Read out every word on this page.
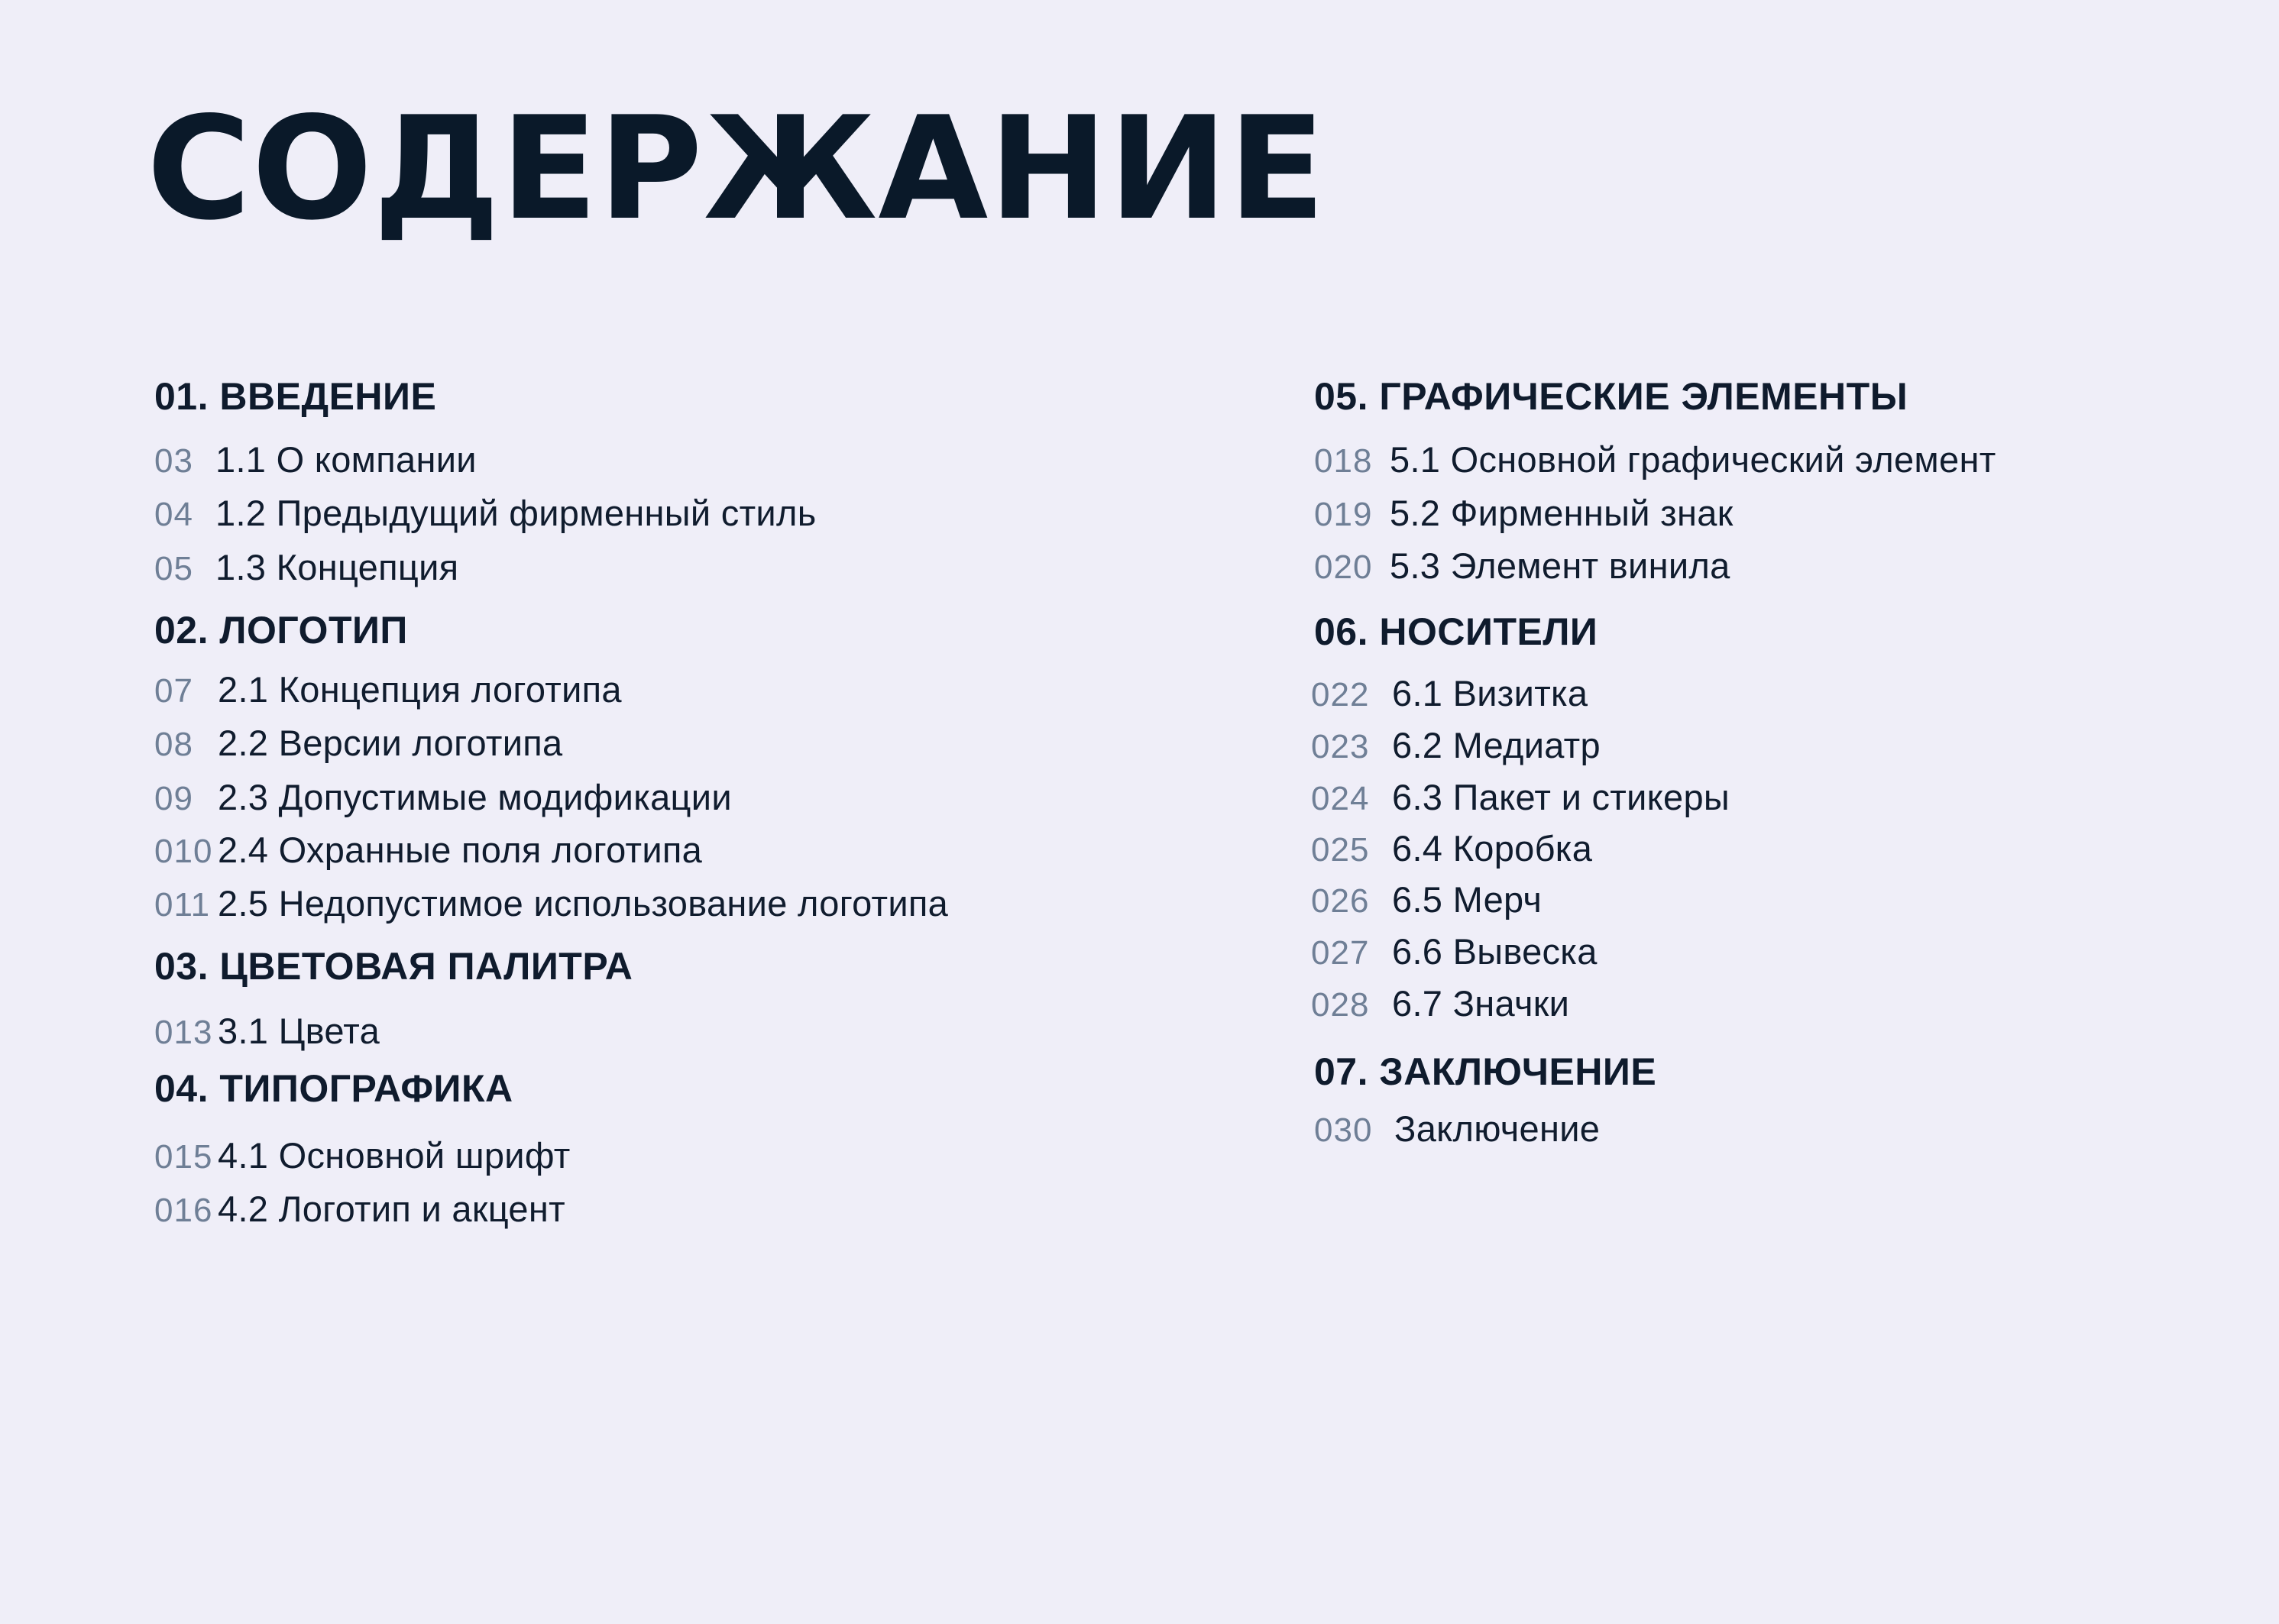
СОДЕРЖАНИЕ
01. ВВЕДЕНИЕ
03 1.1 О компании
04 1.2 Предыдущий фирменный стиль
05 1.3 Концепция
02. ЛОГОТИП
07 2.1 Концепция логотипа
08 2.2 Версии логотипа
09 2.3 Допустимые модификации
010 2.4 Охранные поля логотипа
011 2.5 Недопустимое использование логотипа
03. ЦВЕТОВАЯ ПАЛИТРА
013 3.1 Цвета
04. ТИПОГРАФИКА
015 4.1 Основной шрифт
016 4.2 Логотип и акцент
05. ГРАФИЧЕСКИЕ ЭЛЕМЕНТЫ
018 5.1 Основной графический элемент
019 5.2 Фирменный знак
020 5.3 Элемент винила
06. НОСИТЕЛИ
022 6.1 Визитка
023 6.2 Медиатр
024 6.3 Пакет и стикеры
025 6.4 Коробка
026 6.5 Мерч
027 6.6 Вывеска
028 6.7 Значки
07. ЗАКЛЮЧЕНИЕ
030 Заключение
